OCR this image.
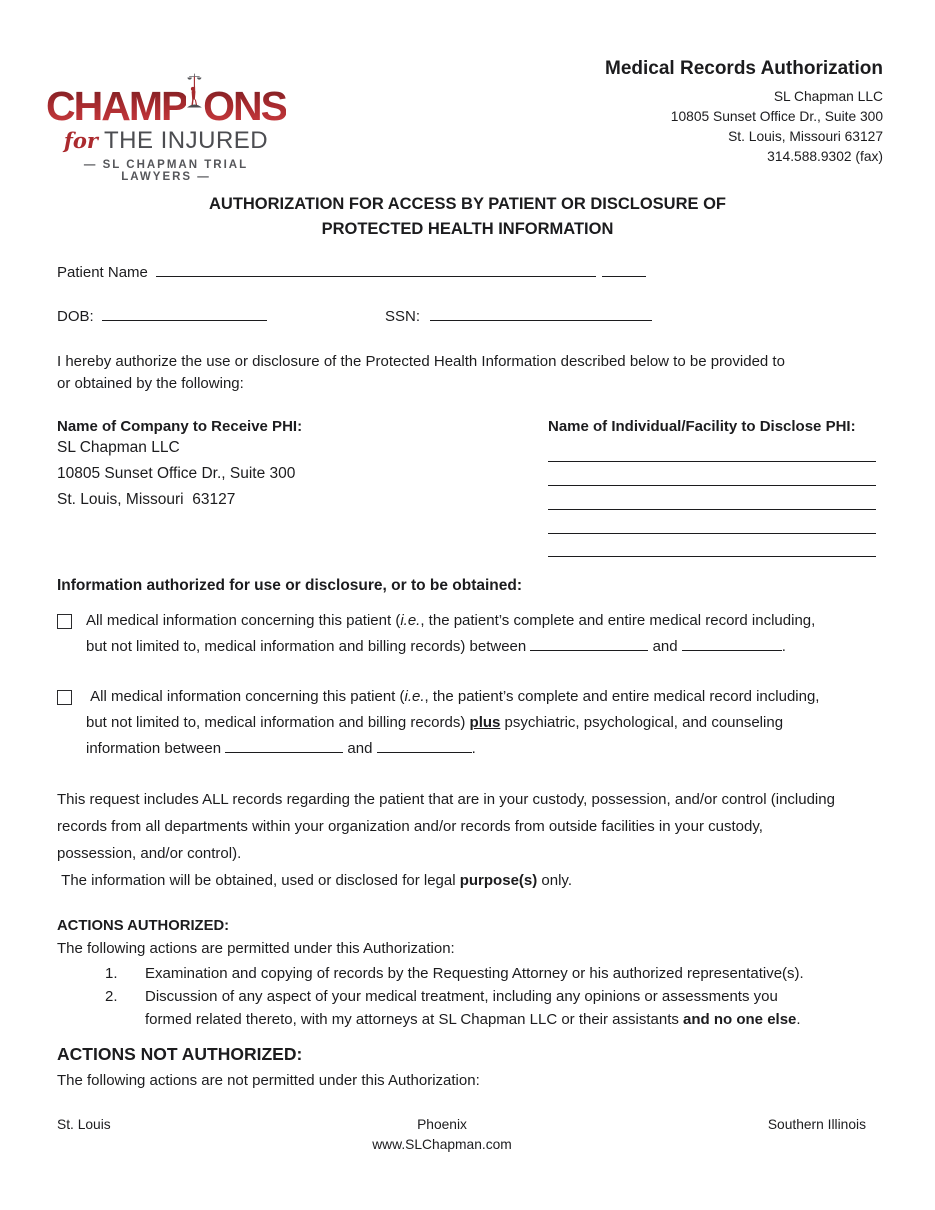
CHAMP ONS
for THE INJURED
— SL CHAPMAN TRIAL LAWYERS —
Medical Records Authorization
SL Chapman LLC
10805 Sunset Office Dr., Suite 300
St. Louis, Missouri 63127
314.588.9302 (fax)
AUTHORIZATION FOR ACCESS BY PATIENT OR DISCLOSURE OF
PROTECTED HEALTH INFORMATION
Patient Name
DOB:	SSN:
I hereby authorize the use or disclosure of the Protected Health Information described below to be provided to
or obtained by the following:
Name of Company to Receive PHI:
SL Chapman LLC
10805 Sunset Office Dr., Suite 300
St. Louis, Missouri  63127
Name of Individual/Facility to Disclose PHI:
Information authorized for use or disclosure, or to be obtained:
All medical information concerning this patient (i.e., the patient’s complete and entire medical record including,
but not limited to, medical information and billing records) between	and	.
All medical information concerning this patient (i.e., the patient’s complete and entire medical record including,
but not limited to, medical information and billing records) plus psychiatric, psychological, and counseling
information between	and	.
This request includes ALL records regarding the patient that are in your custody, possession, and/or control (including
records from all departments within your organization and/or records from outside facilities in your custody,
possession, and/or control).
The information will be obtained, used or disclosed for legal purpose(s) only.
ACTIONS AUTHORIZED:
The following actions are permitted under this Authorization:
1.	Examination and copying of records by the Requesting Attorney or his authorized representative(s).
2.	Discussion of any aspect of your medical treatment, including any opinions or assessments you
formed related thereto, with my attorneys at SL Chapman LLC or their assistants and no one else.
ACTIONS NOT AUTHORIZED:
The following actions are not permitted under this Authorization:
St. Louis	Phoenix	Southern Illinois
www.SLChapman.com
